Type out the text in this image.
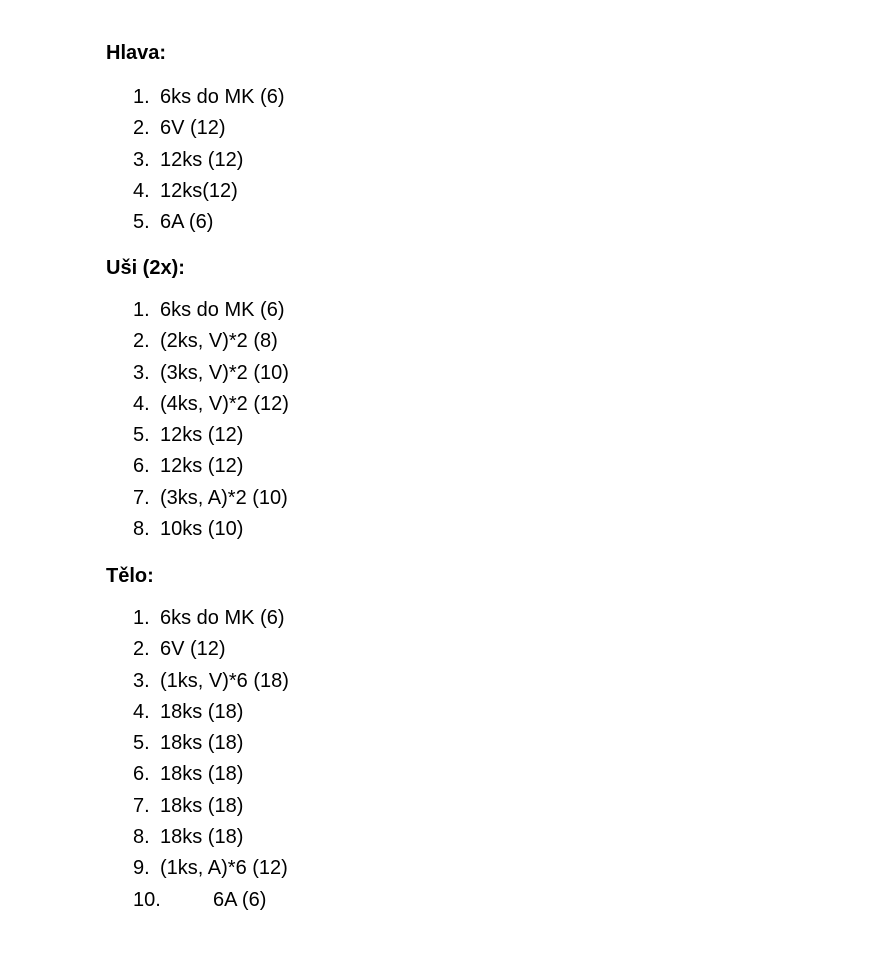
Hlava:
1. 6ks do MK (6)
2. 6V (12)
3. 12ks (12)
4. 12ks(12)
5. 6A (6)
Uši (2x):
1. 6ks do MK (6)
2. (2ks, V)*2 (8)
3. (3ks, V)*2 (10)
4. (4ks, V)*2 (12)
5. 12ks (12)
6. 12ks (12)
7. (3ks, A)*2 (10)
8. 10ks (10)
Tělo:
1. 6ks do MK (6)
2. 6V (12)
3. (1ks, V)*6 (18)
4. 18ks (18)
5. 18ks (18)
6. 18ks (18)
7. 18ks (18)
8. 18ks (18)
9. (1ks, A)*6 (12)
10.	6A (6)
